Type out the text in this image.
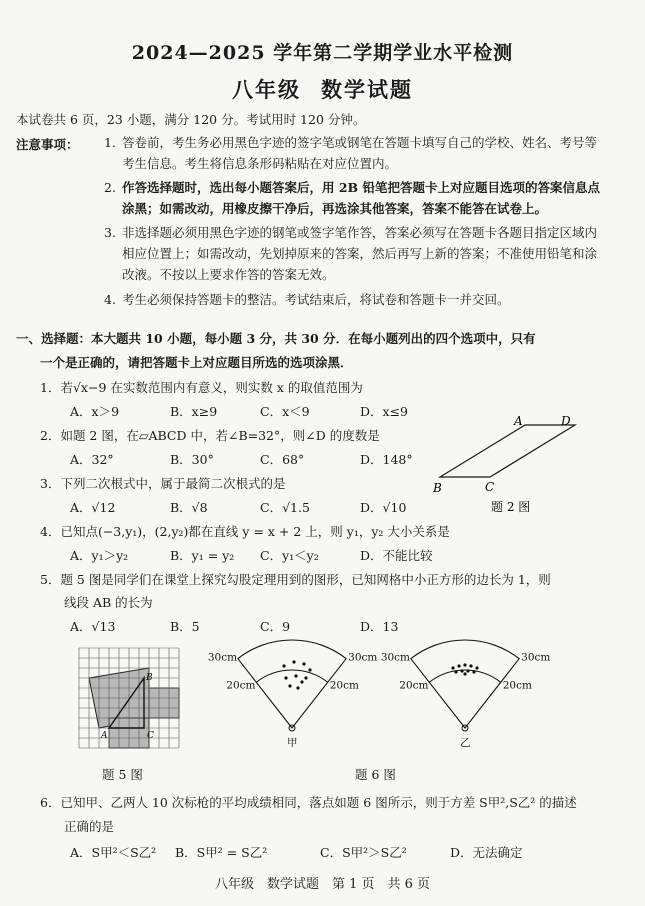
2024—2025 学年第二学期学业水平检测
八年级 数学试题
本试卷共 6 页，23 小题，满分 120 分。考试用时 120 分钟。
注意事项： 1. 答卷前，考生务必用黑色字迹的签字笔或钢笔在答题卡填写自己的学校、姓名、考号等考生信息。考生将信息条形码粘贴在对应位置内。
2. 作答选择题时，选出每小题答案后，用 2B 铅笔把答题卡上对应题目选项的答案信息点涂黑；如需改动，用橡皮擦干净后，再选涂其他答案，答案不能答在试卷上。
3. 非选择题必须用黑色字迹的钢笔或签字笔作答，答案必须写在答题卡各题目指定区域内相应位置上；如需改动，先划掉原来的答案，然后再写上新的答案；不准使用铅笔和涂改液。不按以上要求作答的答案无效。
4. 考生必须保持答题卡的整洁。考试结束后，将试卷和答题卡一并交回。
一、选择题：本大题共 10 小题，每小题 3 分，共 30 分．在每小题列出的四个选项中，只有
一个是正确的，请把答题卡上对应题目所选的选项涂黑．
1．若√x−9 在实数范围内有意义，则实数 x 的取值范围为
A．x＞9	B．x≥9	C．x＜9	D．x≤9
2．如题 2 图，在▱ABCD 中，若∠B=32°，则∠D 的度数是
A．32°	B．30°	C．68°	D．148°
A	D
B	C
题 2 图
3．下列二次根式中，属于最简二次根式的是
A．√12	B．√8	C．√1.5	D．√10
4．已知点(−3,y₁)，(2,y₂)都在直线 y = x + 2 上，则 y₁，y₂ 大小关系是
A．y₁＞y₂	B．y₁ = y₂ C．y₁＜y₂	D．不能比较
5．题 5 图是同学们在课堂上探究勾股定理用到的图形，已知网格中小正方形的边长为 1，则
线段 AB 的长为
A．√13	B．5	C．9	D．13
A
B
C
题 5 图
30cm	30cm
20cm	20cm
甲
30cm	30cm
20cm	20cm
乙
题 6 图
6．已知甲、乙两人 10 次标枪的平均成绩相同，落点如题 6 图所示，则于方差 S甲²,S乙² 的描述
正确的是
A．S甲²＜S乙² B．S甲² = S乙²	C．S甲²＞S乙²	D．无法确定
八年级　数学试题　第 1 页　共 6 页
